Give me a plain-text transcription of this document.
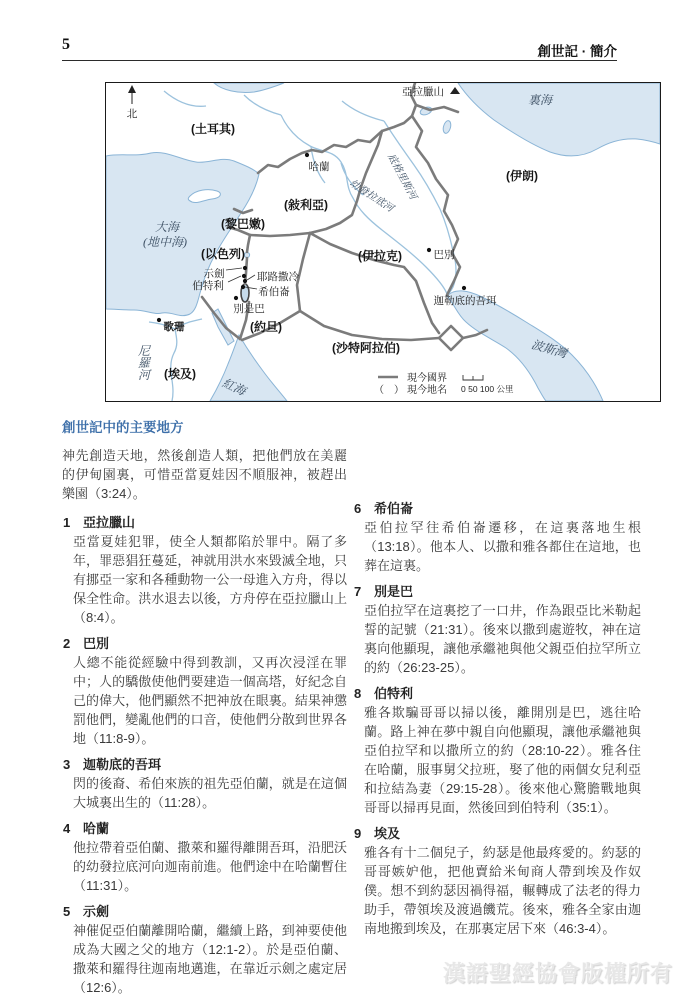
5	創世記 · 簡介
北
現今國界
（　） 現今地名 0 50 100 公里
(土耳其)
(敍利亞)
(黎巴嫩)
(以色列)
(約旦)
(埃及)
(伊拉克)
(伊朗)
(沙特阿拉伯)
裏海
大海
(地中海)
波斯灣
紅海
尼羅河
幼發拉底河
底格里斯河
亞拉臘山
哈蘭
巴別
迦勒底的吾珥
歌珊
示劍
伯特利
耶路撒冷
希伯崙
別是巴
創世記中的主要地方

神先創造天地，然後創造人類，把他們放在美麗的伊甸園裏，可惜亞當夏娃因不順服神，被趕出樂園（3:24）。

1 亞拉臘山

亞當夏娃犯罪，使全人類都陷於罪中。隔了多年，罪惡猖狂蔓延，神就用洪水來毀滅全地，只有挪亞一家和各種動物一公一母進入方舟，得以保全性命。洪水退去以後，方舟停在亞拉臘山上（8:4）。

2 巴別

人總不能從經驗中得到教訓，又再次浸淫在罪中；人的驕傲使他們要建造一個高塔，好紀念自己的偉大，他們顯然不把神放在眼裏。結果神懲罰他們，變亂他們的口音，使他們分散到世界各地（11:8-9）。

3 迦勒底的吾珥

閃的後裔、希伯來族的祖先亞伯蘭，就是在這個大城裏出生的（11:28）。

4 哈蘭

他拉帶着亞伯蘭、撒萊和羅得離開吾珥，沿肥沃的幼發拉底河向迦南前進。他們途中在哈蘭暫住（11:31）。

5 示劍

神催促亞伯蘭離開哈蘭，繼續上路，到神要使他成為大國之父的地方（12:1-2）。於是亞伯蘭、撒萊和羅得往迦南地邁進，在靠近示劍之處定居（12:6）。

6 希伯崙

亞伯拉罕往希伯崙遷移，在這裏落地生根（13:18）。他本人、以撒和雅各都住在這地，也葬在這裏。

7 別是巴

亞伯拉罕在這裏挖了一口井，作為跟亞比米勒起誓的記號（21:31）。後來以撒到處遊牧，神在這裏向他顯現，讓他承繼祂與他父親亞伯拉罕所立的約（26:23-25）。

8 伯特利

雅各欺騙哥哥以掃以後，離開別是巴，逃往哈蘭。路上神在夢中親自向他顯現，讓他承繼祂與亞伯拉罕和以撒所立的約（28:10-22）。雅各住在哈蘭，服事舅父拉班，娶了他的兩個女兒利亞和拉結為妻（29:15-28）。後來他心驚膽戰地與哥哥以掃再見面，然後回到伯特利（35:1）。

9 埃及

雅各有十二個兒子，約瑟是他最疼愛的。約瑟的哥哥嫉妒他，把他賣給米甸商人帶到埃及作奴僕。想不到約瑟因禍得福，輾轉成了法老的得力助手，帶領埃及渡過饑荒。後來，雅各全家由迦南地搬到埃及，在那裏定居下來（46:3-4）。

漢語聖經協會版權所有
